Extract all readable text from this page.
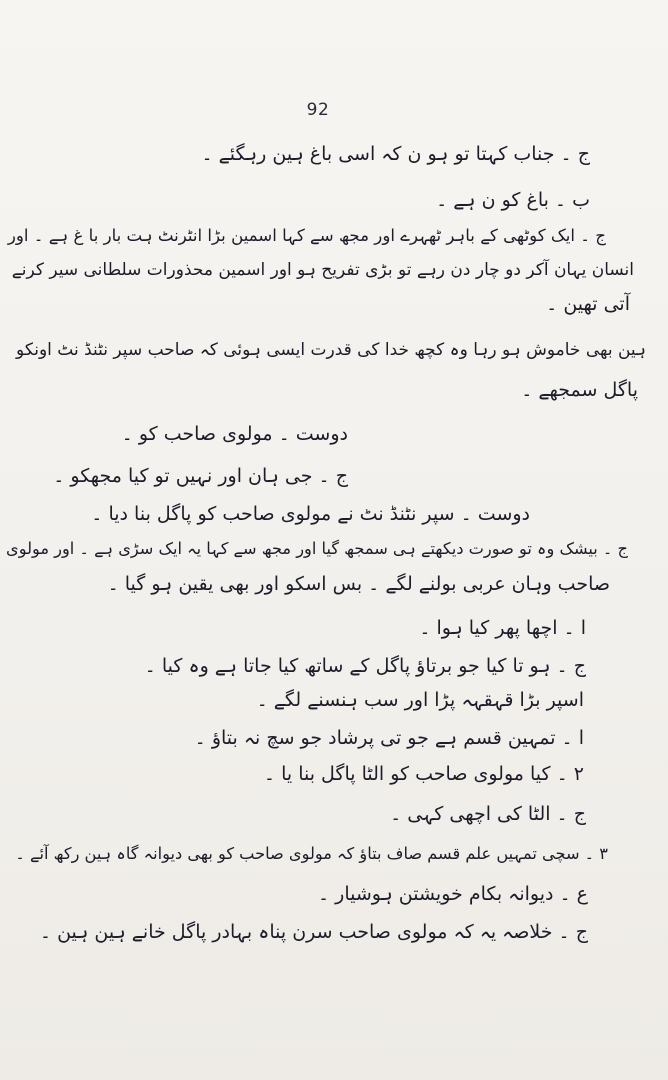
92
ج ۔ جناب کہتا تو ہو ن کہ اسی باغ ہین رہگئے ۔
ب ۔ باغ کو ن ہے ۔
ج ۔ ایک کوٹھی کے باہر ٹھہرے اور مجھ سے کہا اسمین بڑا انٹرنٹ ہت بار با غ ہے ۔ اور
انسان یہان آکر دو چار دن رہے تو بڑی تفریح ہو اور اسمین محذورات سلطانی سیر کرنے
آتی تھین ۔
ہین بھی خاموش ہو رہا وہ کچھ خدا کی قدرت ایسی ہوئی کہ صاحب سپر نٹنڈ نٹ اونکو
پاگل سمجھے ۔
دوست ۔ مولوی صاحب کو ۔
ج ۔ جی ہان اور نہیں تو کیا مجھکو ۔
دوست ۔ سپر نٹنڈ نٹ نے مولوی صاحب کو پاگل بنا دیا ۔
ج ۔ بیشک وہ تو صورت دیکھتے ہی سمجھ گیا اور مجھ سے کہا یہ ایک سڑی ہے ۔ اور مولوی
صاحب وہان عربی بولنے لگے ۔ بس اسکو اور بھی یقین ہو گیا ۔
ا ۔ اچھا پھر کیا ہوا ۔
ج ۔ ہو تا کیا جو برتاؤ پاگل کے ساتھ کیا جاتا ہے وہ کیا ۔
اسپر بڑا قہقہہ پڑا اور سب ہنسنے لگے ۔
ا ۔ تمہین قسم ہے جو تی پرشاد جو سچ نہ بتاؤ ۔
۲ ۔ کیا مولوی صاحب کو الٹا پاگل بنا یا ۔
ج ۔ الٹا کی اچھی کہی ۔
۳ ۔ سچی تمہیں علم قسم صاف بتاؤ کہ مولوی صاحب کو بھی دیوانہ گاہ ہین رکھ آئے ۔
ع ۔ دیوانہ بکام خویشتن ہوشیار ۔
ج ۔ خلاصہ یہ کہ مولوی صاحب سرن پناہ بہادر پاگل خانے ہین ہین ۔
